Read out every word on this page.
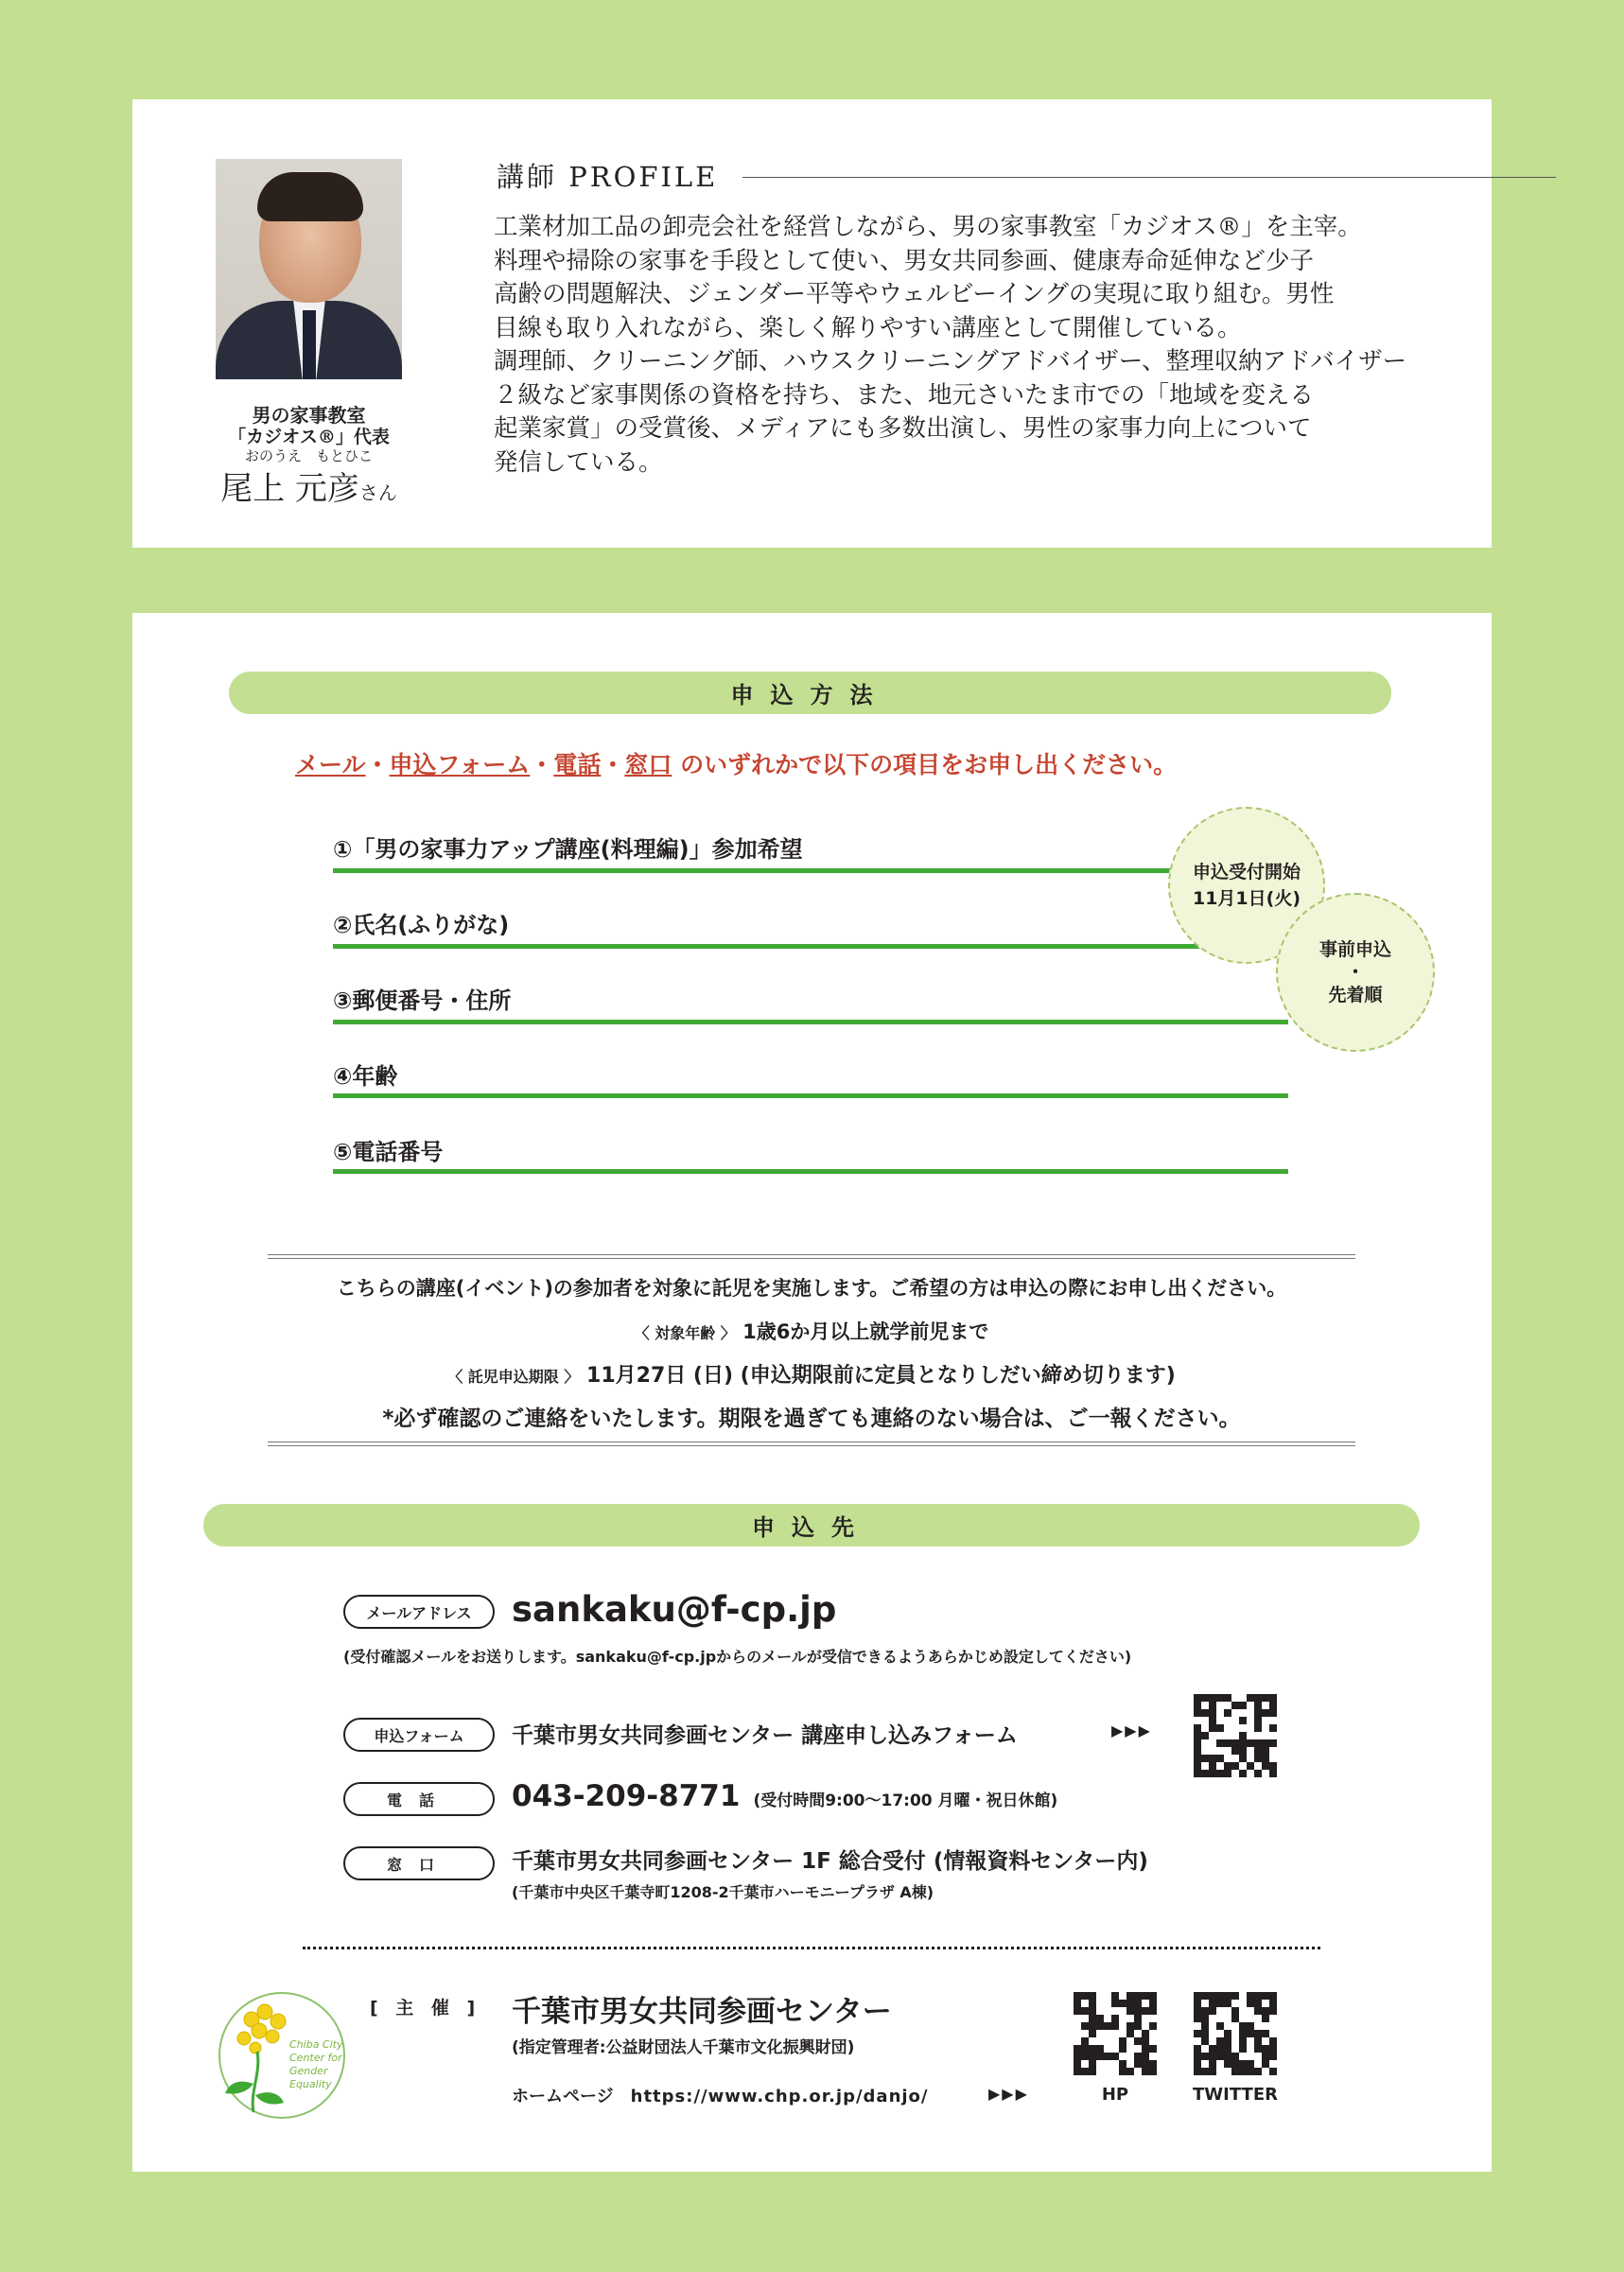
男の家事教室
「カジオス®」代表
おのうえ　もとひこ
尾上 元彦さん
講師 PROFILE

工業材加工品の卸売会社を経営しながら、男の家事教室「カジオス®」を主宰。

料理や掃除の家事を手段として使い、男女共同参画、健康寿命延伸など少子

高齢の問題解決、ジェンダー平等やウェルビーイングの実現に取り組む。男性

目線も取り入れながら、楽しく解りやすい講座として開催している。

調理師、クリーニング師、ハウスクリーニングアドバイザー、整理収納アドバイザー

２級など家事関係の資格を持ち、また、地元さいたま市での「地域を変える

起業家賞」の受賞後、メディアにも多数出演し、男性の家事力向上について

発信している。

申込方法
メール・申込フォーム・電話・窓口 のいずれかで以下の項目をお申し出ください。
①「男の家事力アップ講座(料理編)」参加希望
②氏名(ふりがな)
③郵便番号・住所
④年齢
⑤電話番号
申込受付開始
11月1日(火)
事前申込
・
先着順
こちらの講座(イベント)の参加者を対象に託児を実施します。ご希望の方は申込の際にお申し出ください。
〈 対象年齢 〉 1歳6か月以上就学前児まで
〈 託児申込期限 〉 11月27日 (日) (申込期限前に定員となりしだい締め切ります)
*必ず確認のご連絡をいたします。期限を過ぎても連絡のない場合は、ご一報ください。
申込先
メールアドレス	sankaku@f-cp.jp
(受付確認メールをお送りします。sankaku@f-cp.jpからのメールが受信できるようあらかじめ設定してください)
申込フォーム	千葉市男女共同参画センター 講座申し込みフォーム	▶▶▶
電話	043-209-8771 (受付時間9:00〜17:00 月曜・祝日休館)
窓口	千葉市男女共同参画センター 1F 総合受付 (情報資料センター内)
(千葉市中央区千葉寺町1208-2千葉市ハーモニープラザ A棟)
Chiba City
Center for
Gender
Equality
[ 主 催 ] 千葉市男女共同参画センター
(指定管理者:公益財団法人千葉市文化振興財団)
ホームページ https://www.chp.or.jp/danjo/	▶▶▶	HP	TWITTER
